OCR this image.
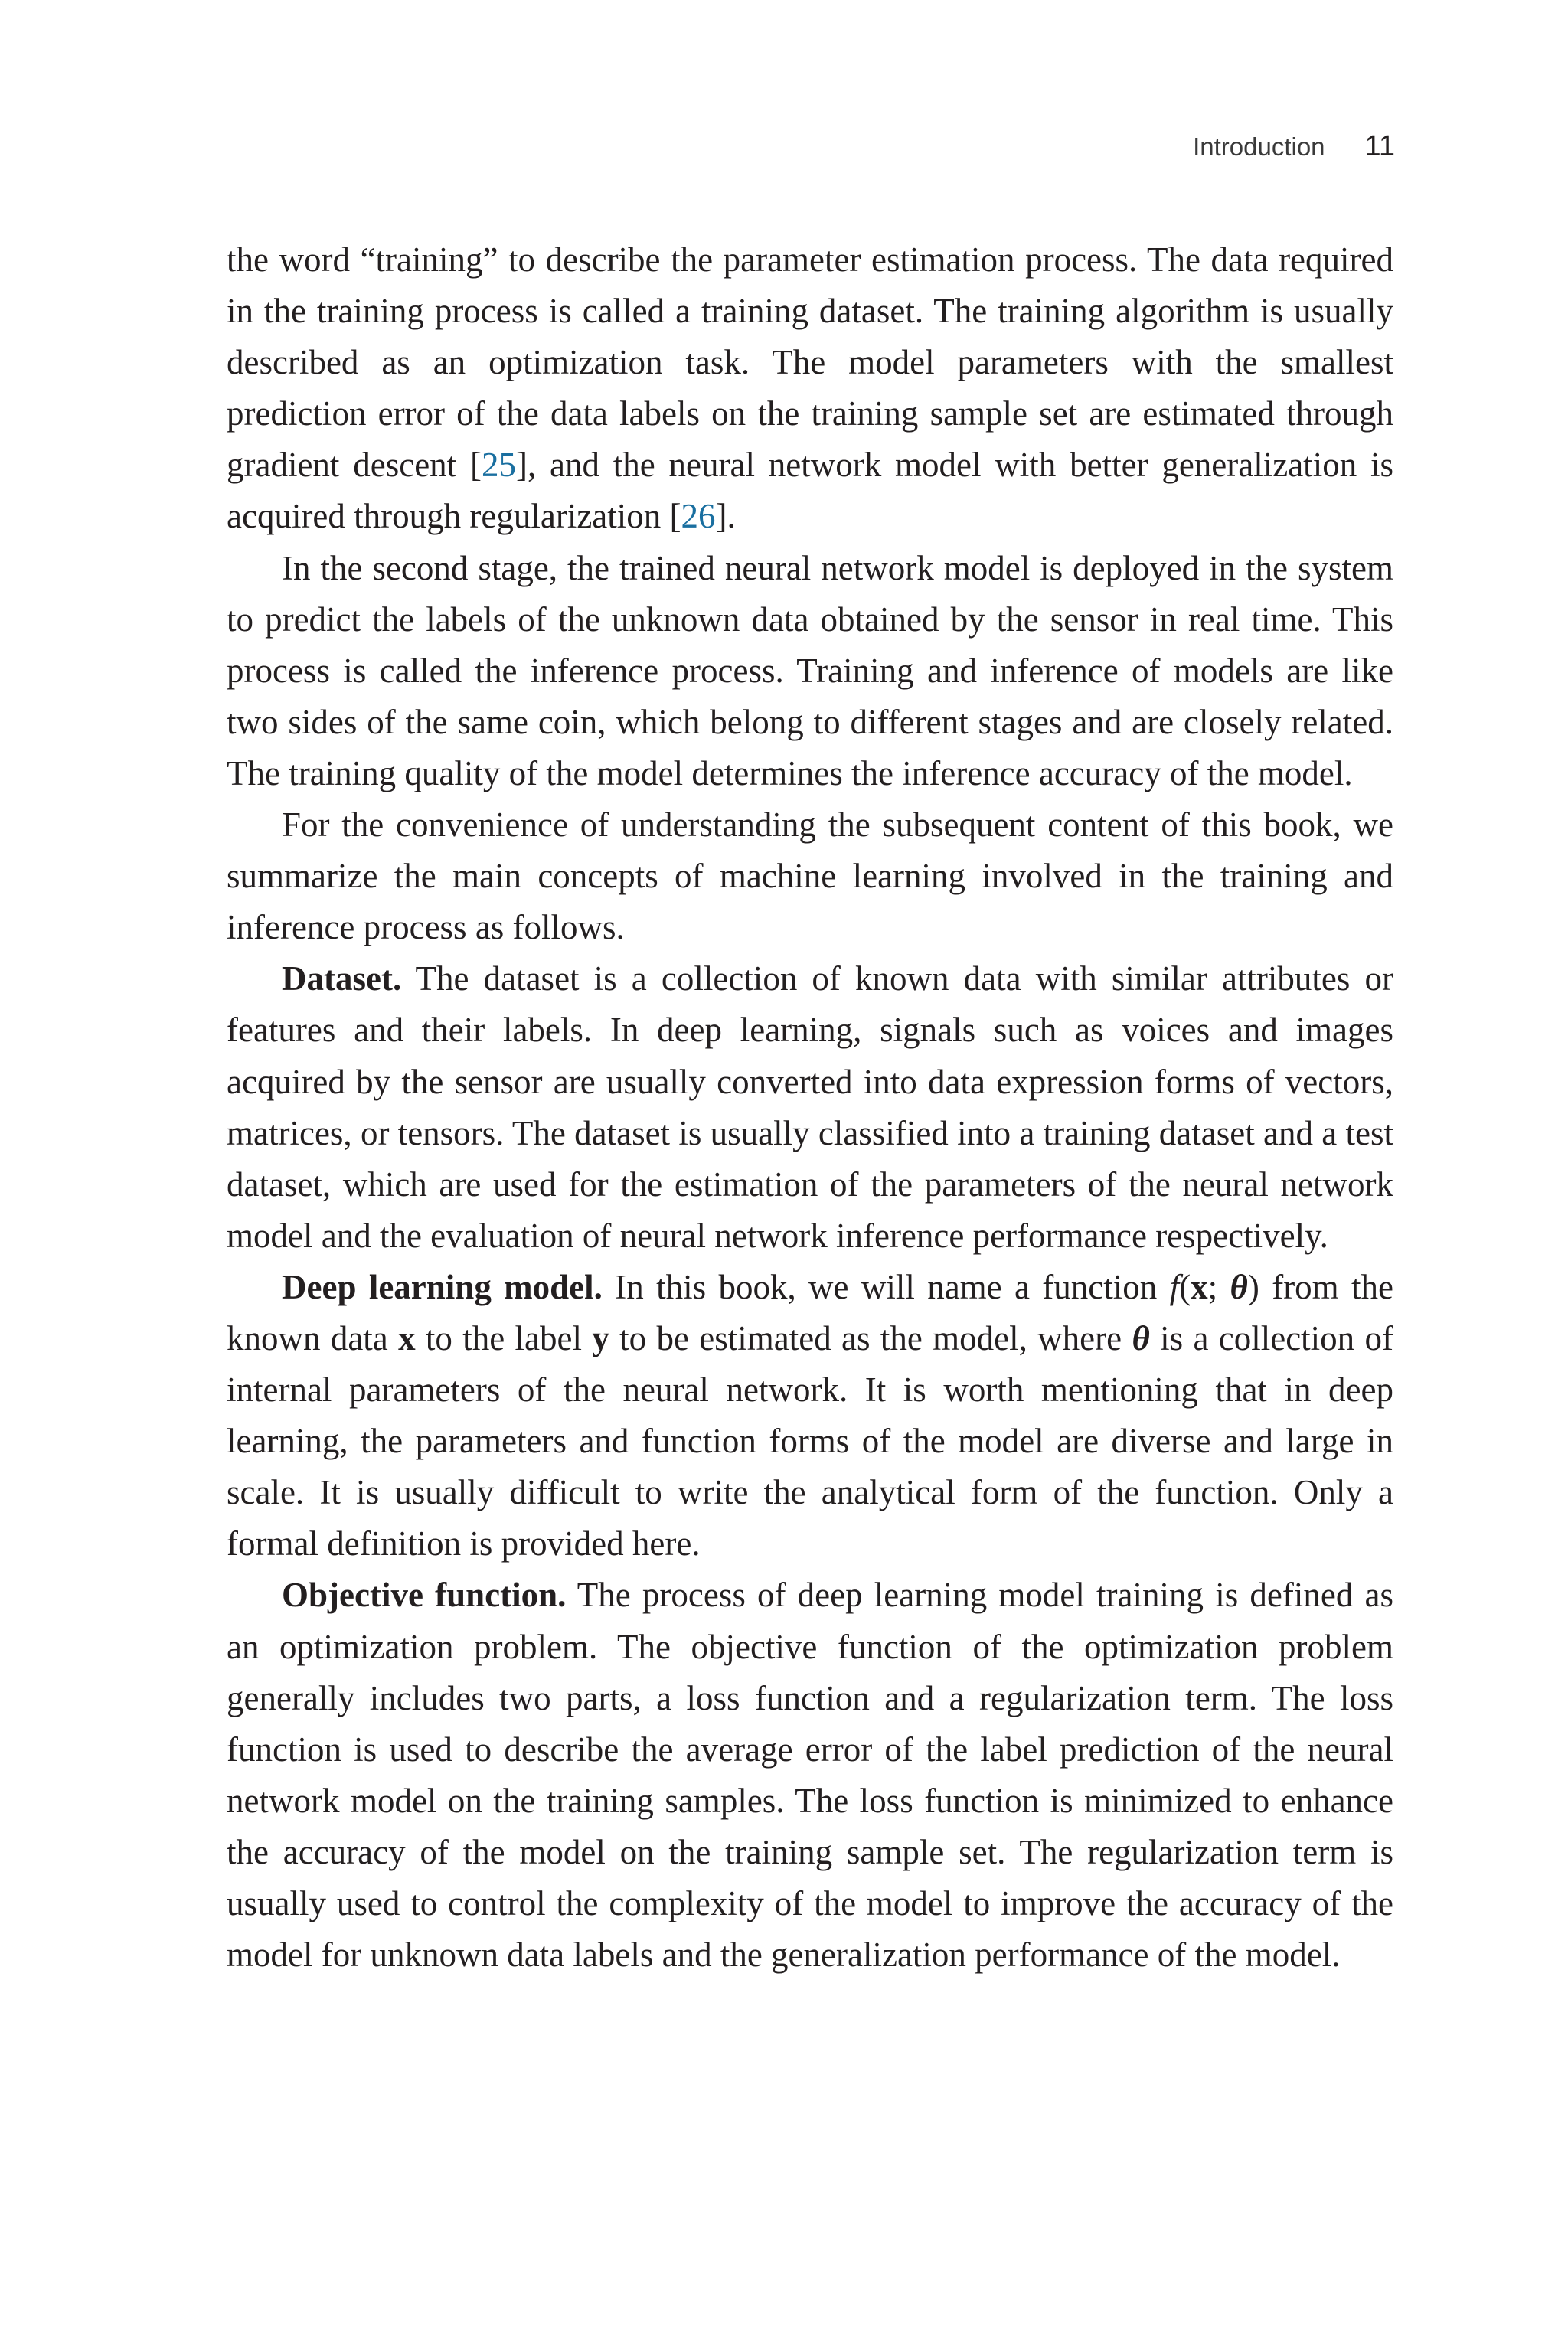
Introduction 11

the word “training” to describe the parameter estimation process. The data required in the training process is called a training dataset. The training algorithm is usually described as an optimization task. The model parameters with the smallest prediction error of the data labels on the training sample set are estimated through gradient descent [25], and the neural network model with better generalization is acquired through regularization [26].

In the second stage, the trained neural network model is deployed in the system to predict the labels of the unknown data obtained by the sensor in real time. This process is called the inference process. Training and inference of models are like two sides of the same coin, which belong to different stages and are closely related. The training quality of the model determines the inference accuracy of the model.

For the convenience of understanding the subsequent content of this book, we summarize the main concepts of machine learning involved in the training and inference process as follows.

Dataset. The dataset is a collection of known data with similar attributes or features and their labels. In deep learning, signals such as voices and images acquired by the sensor are usually converted into data expression forms of vectors, matrices, or tensors. The dataset is usually classified into a training dataset and a test dataset, which are used for the estimation of the parameters of the neural network model and the evaluation of neural network inference performance respectively.

Deep learning model. In this book, we will name a function f(x; θ) from the known data x to the label y to be estimated as the model, where θ is a collection of internal parameters of the neural network. It is worth mentioning that in deep learning, the parameters and function forms of the model are diverse and large in scale. It is usually difficult to write the analytical form of the function. Only a formal definition is provided here.

Objective function. The process of deep learning model training is defined as an optimization problem. The objective function of the optimization problem generally includes two parts, a loss function and a regularization term. The loss function is used to describe the average error of the label prediction of the neural network model on the training samples. The loss function is minimized to enhance the accuracy of the model on the training sample set. The regularization term is usually used to control the complexity of the model to improve the accuracy of the model for unknown data labels and the generalization performance of the model.
